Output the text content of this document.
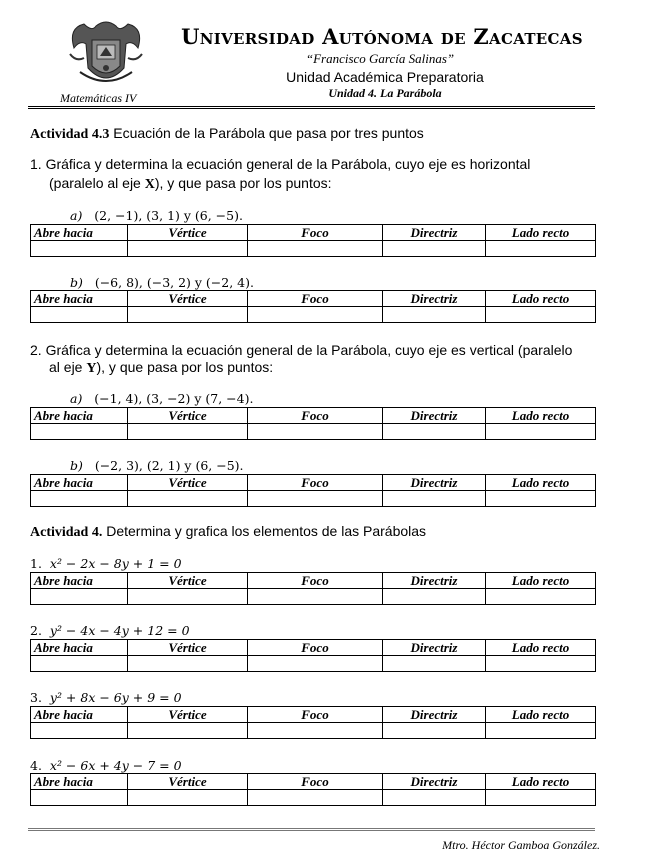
Matemáticas IV
Universidad Autónoma de Zacatecas
“Francisco García Salinas”
Unidad Académica Preparatoria
Unidad 4. La Parábola
Actividad 4.3 Ecuación de la Parábola que pasa por tres puntos
1. Gráfica y determina la ecuación general de la Parábola, cuyo eje es horizontal
(paralelo al eje X), y que pasa por los puntos:
a) (2, −1), (3, 1) y (6, −5).
Abre hacia	Vértice	Foco	Directriz	Lado recto

b) (−6, 8), (−3, 2) y (−2, 4).
Abre hacia	Vértice	Foco	Directriz	Lado recto

2. Gráfica y determina la ecuación general de la Parábola, cuyo eje es vertical (paralelo
al eje Y), y que pasa por los puntos:
a) (−1, 4), (3, −2) y (7, −4).
Abre hacia	Vértice	Foco	Directriz	Lado recto

b) (−2, 3), (2, 1) y (6, −5).
Abre hacia	Vértice	Foco	Directriz	Lado recto

Actividad 4. Determina y grafica los elementos de las Parábolas
1. x² − 2x − 8y + 1 = 0
Abre hacia	Vértice	Foco	Directriz	Lado recto

2. y² − 4x − 4y + 12 = 0
Abre hacia	Vértice	Foco	Directriz	Lado recto

3. y² + 8x − 6y + 9 = 0
Abre hacia	Vértice	Foco	Directriz	Lado recto

4. x² − 6x + 4y − 7 = 0
Abre hacia	Vértice	Foco	Directriz	Lado recto

Mtro. Héctor Gamboa González.
